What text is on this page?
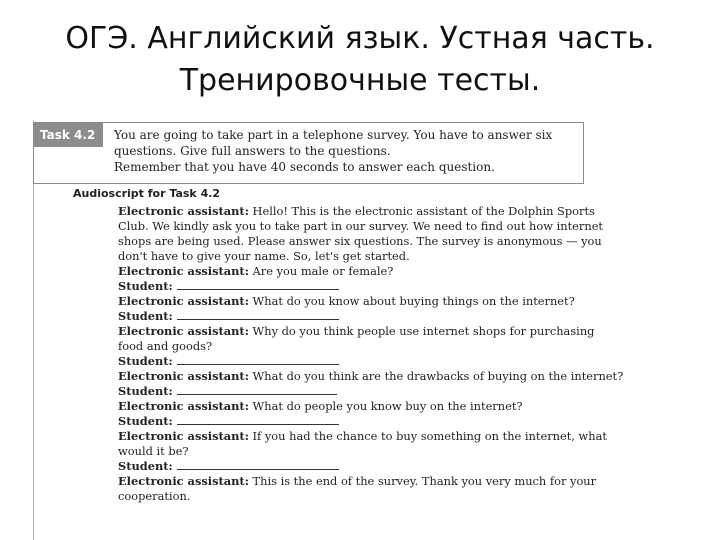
ОГЭ. Английский язык. Устная часть.
Тренировочные тесты.
Task 4.2	You are going to take part in a telephone survey. You have to answer six
questions. Give full answers to the questions.
Remember that you have 40 seconds to answer each question.
Audioscript for Task 4.2
Electronic assistant: Hello! This is the electronic assistant of the Dolphin Sports
Club. We kindly ask you to take part in our survey. We need to find out how internet
shops are being used. Please answer six questions. The survey is anonymous — you
don't have to give your name. So, let's get started.
Electronic assistant: Are you male or female?
Student:
Electronic assistant: What do you know about buying things on the internet?
Student:
Electronic assistant: Why do you think people use internet shops for purchasing
food and goods?
Student:
Electronic assistant: What do you think are the drawbacks of buying on the internet?
Student:
Electronic assistant: What do people you know buy on the internet?
Student:
Electronic assistant: If you had the chance to buy something on the internet, what
would it be?
Student:
Electronic assistant: This is the end of the survey. Thank you very much for your
cooperation.
